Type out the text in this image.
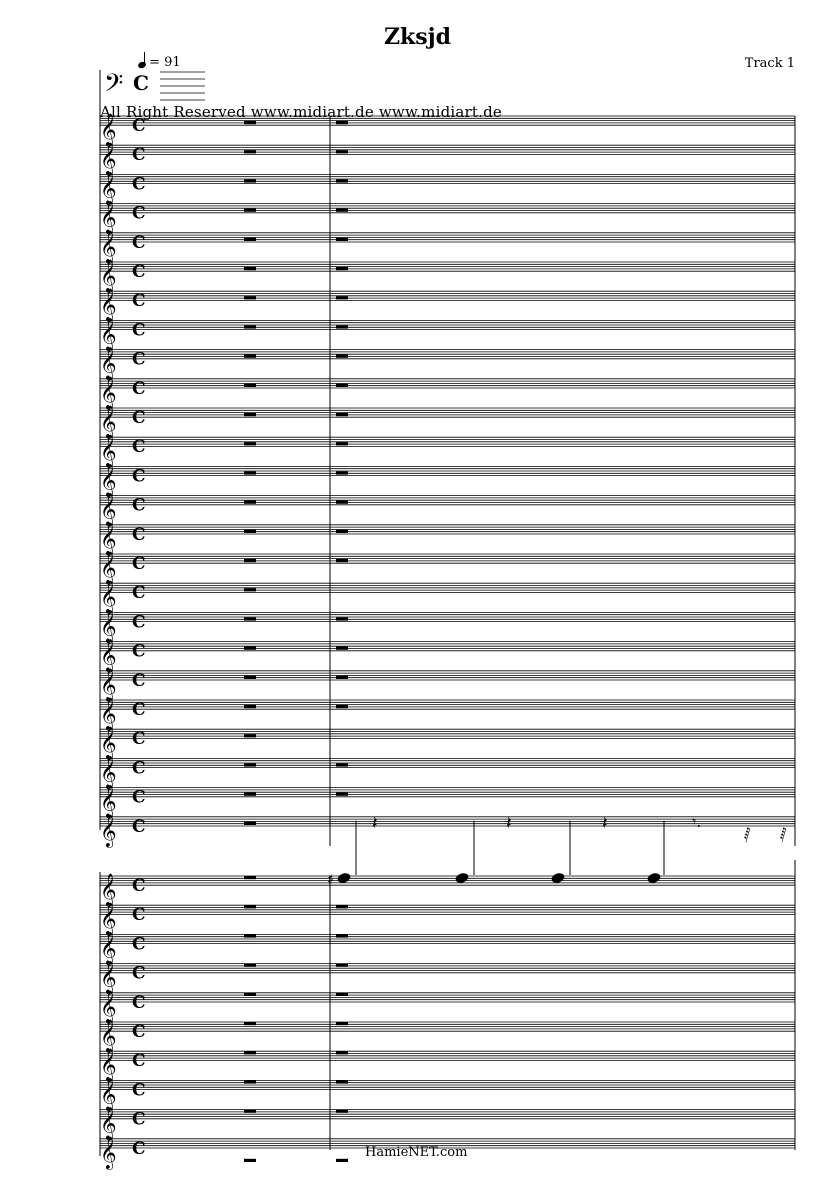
Zksjd
Track 1
= 91
𝄢 C
𝄞 C
𝄞 C
𝄞 C
𝄞 C
𝄞 C
𝄞 C
𝄞 C
𝄞 C
𝄞 C
𝄞 C
𝄞 C
𝄞 C
𝄞 C
𝄞 C
𝄞 C
𝄞 C
𝄞 C
𝄞 C
𝄞 C
𝄞 C
𝄞 C
𝄞 C
𝄞 C
𝄞 C
𝄞 C	𝄽	𝄽	𝄽	𝄾.
𝅁 𝅁
𝄞 C
𝄞 C
𝄞 C
𝄞 C
𝄞 C
𝄞 C
𝄞 C
𝄞 C
𝄞 C
𝄞 C
♯
All Right Reserved www.midiart.de www.midiart.de
HamieNET.com
